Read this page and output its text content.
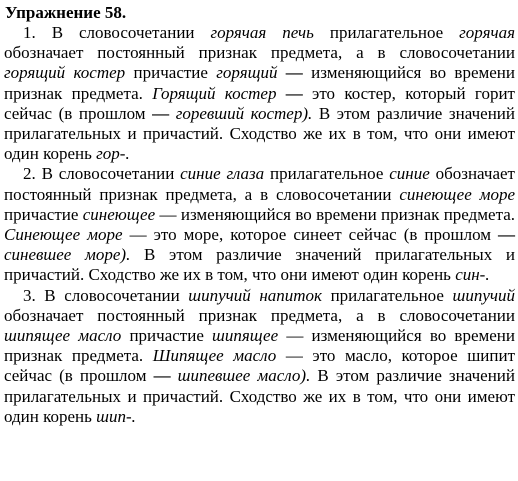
Упражнение 58.

1. В словосочетании горячая печь прилагательное горячая обозначает постоянный признак предмета, а в словосочетании горящий костер причастие горящий — изменяющийся во времени признак предмета. Горящий костер — это костер, который горит сейчас (в прошлом — горевший костер). В этом различие значений прилагательных и причастий. Сходство же их в том, что они имеют один корень гор-.

2. В словосочетании синие глаза прилагательное синие обозначает постоянный признак предмета, а в словосочетании синеющее море причастие синеющее — изменяющийся во времени признак предмета. Синеющее море — это море, которое синеет сейчас (в прошлом — синевшее море). В этом различие значений прилагательных и причастий. Сходство же их в том, что они имеют один корень син-.

3. В словосочетании шипучий напиток прилагательное шипучий обозначает постоянный признак предмета, а в словосочетании шипящее масло причастие шипящее — изменяющийся во времени признак предмета. Шипящее масло — это масло, которое шипит сейчас (в прошлом — шипевшее масло). В этом различие значений прилагательных и причастий. Сходство же их в том, что они имеют один корень шип-.
